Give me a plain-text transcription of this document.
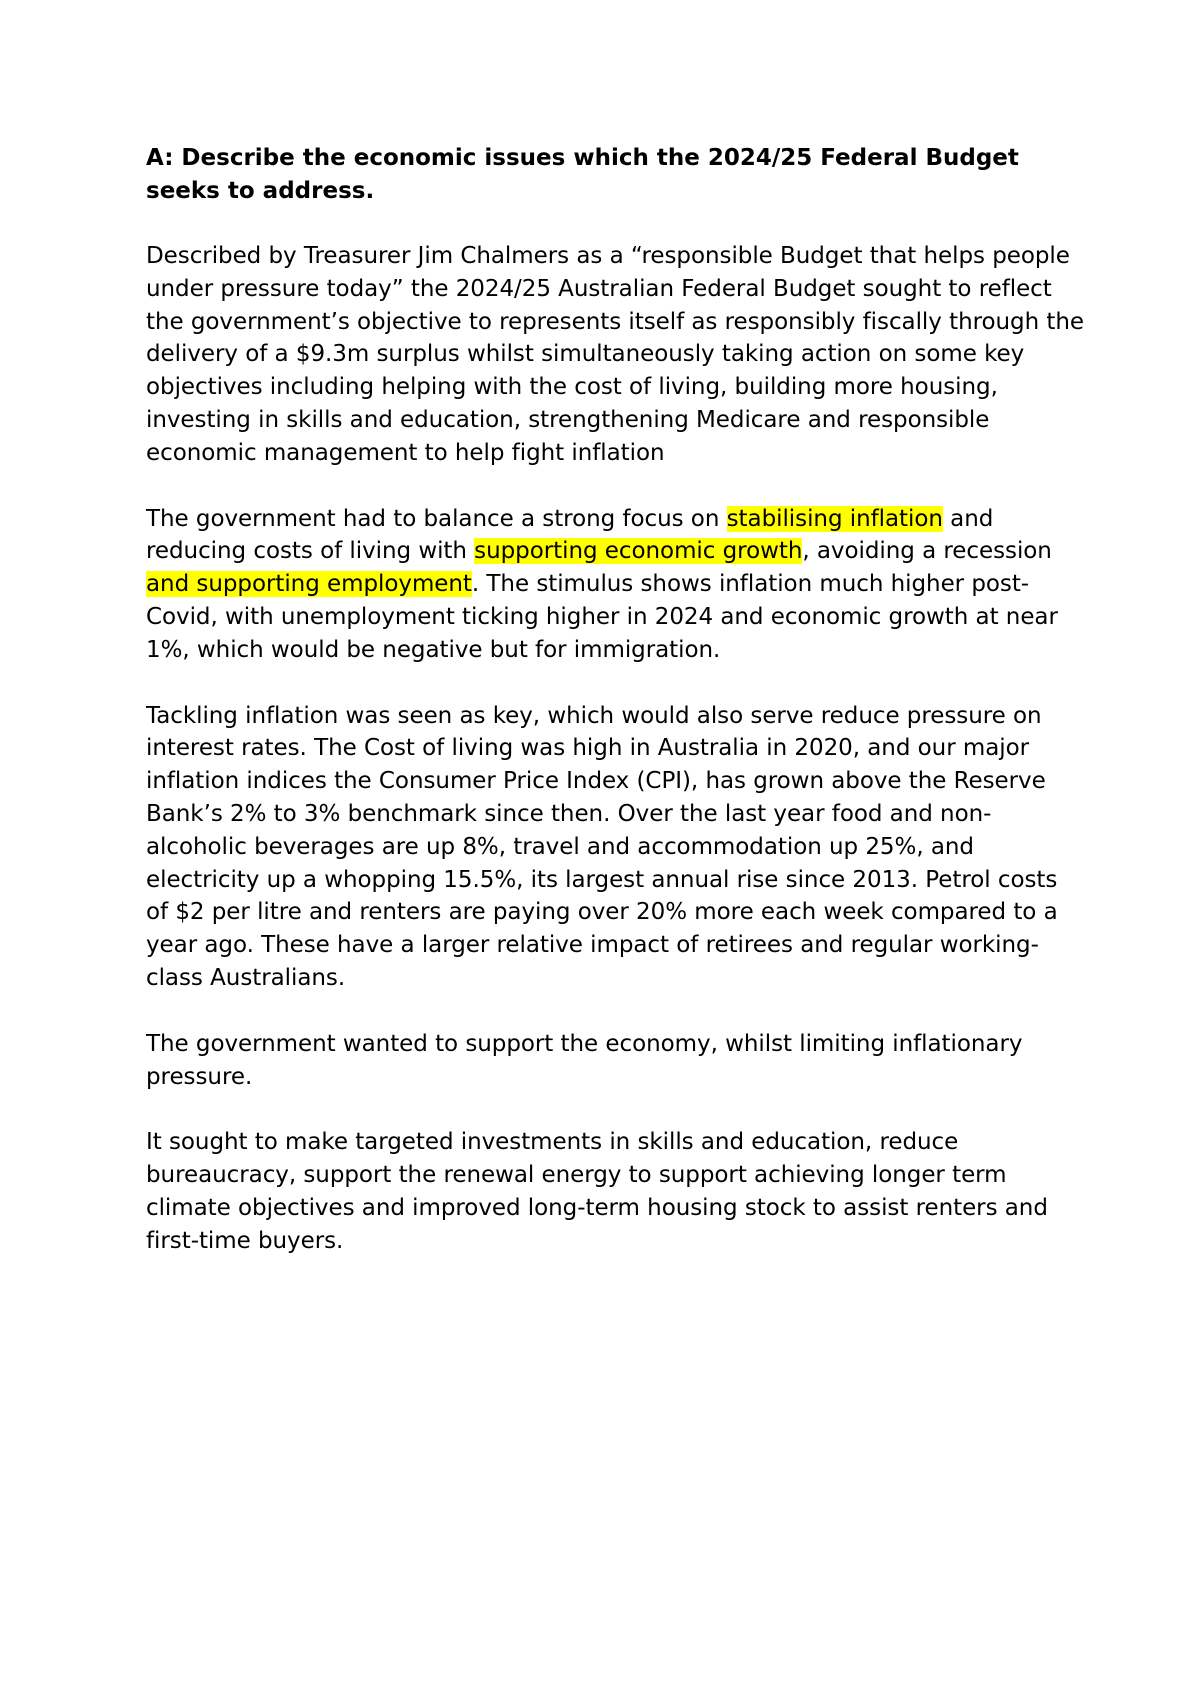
A: Describe the economic issues which the 2024/25 Federal Budget seeks to address.

Described by Treasurer Jim Chalmers as a “responsible Budget that helps people under pressure today” the 2024/25 Australian Federal Budget sought to reflect the government’s objective to represents itself as responsibly fiscally through the delivery of a $9.3m surplus whilst simultaneously taking action on some key objectives including helping with the cost of living, building more housing, investing in skills and education, strengthening Medicare and responsible economic management to help fight inflation

The government had to balance a strong focus on stabilising inflation and reducing costs of living with supporting economic growth, avoiding a recession and supporting employment. The stimulus shows inflation much higher post-Covid, with unemployment ticking higher in 2024 and economic growth at near 1%, which would be negative but for immigration.

Tackling inflation was seen as key, which would also serve reduce pressure on interest rates. The Cost of living was high in Australia in 2020, and our major inflation indices the Consumer Price Index (CPI), has grown above the Reserve Bank’s 2% to 3% benchmark since then. Over the last year food and non-alcoholic beverages are up 8%, travel and accommodation up 25%, and electricity up a whopping 15.5%, its largest annual rise since 2013. Petrol costs of $2 per litre and renters are paying over 20% more each week compared to a year ago. These have a larger relative impact of retirees and regular working-class Australians.

The government wanted to support the economy, whilst limiting inflationary pressure.

It sought to make targeted investments in skills and education, reduce bureaucracy, support the renewal energy to support achieving longer term climate objectives and improved long-term housing stock to assist renters and first-time buyers.
